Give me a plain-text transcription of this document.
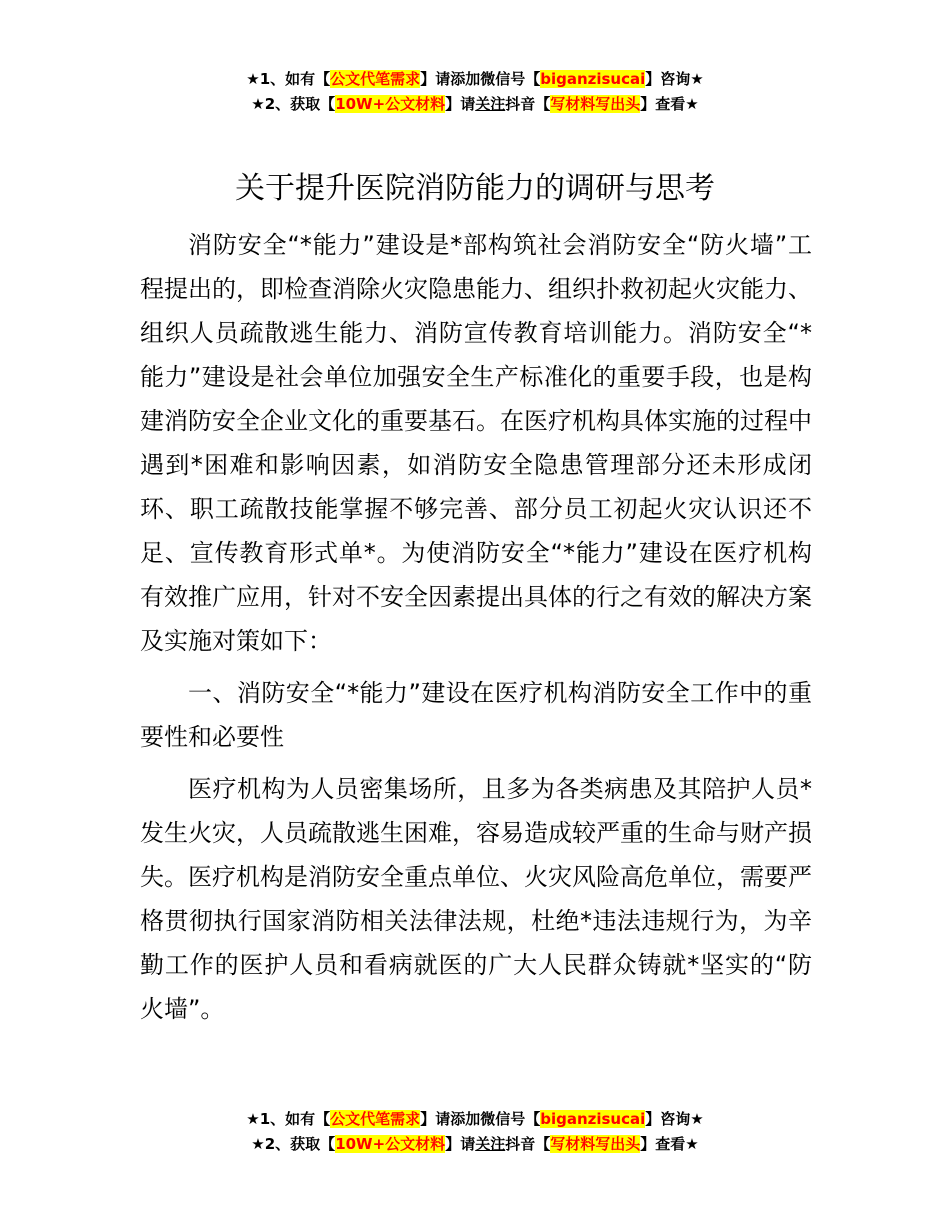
★1、如有【公文代笔需求】请添加微信号【biganzisucai】咨询★
★2、获取【10W+公文材料】请关注抖音【写材料写出头】查看★
关于提升医院消防能力的调研与思考

消防安全“*能力”建设是*部构筑社会消防安全“防火墙”工程提出的，即检查消除火灾隐患能力、组织扑救初起火灾能力、组织人员疏散逃生能力、消防宣传教育培训能力。消防安全“*能力”建设是社会单位加强安全生产标准化的重要手段，也是构建消防安全企业文化的重要基石。在医疗机构具体实施的过程中遇到*困难和影响因素，如消防安全隐患管理部分还未形成闭环、职工疏散技能掌握不够完善、部分员工初起火灾认识还不足、宣传教育形式单*。为使消防安全“*能力”建设在医疗机构有效推广应用，针对不安全因素提出具体的行之有效的解决方案及实施对策如下：

一、消防安全“*能力”建设在医疗机构消防安全工作中的重要性和必要性

医疗机构为人员密集场所，且多为各类病患及其陪护人员*发生火灾，人员疏散逃生困难，容易造成较严重的生命与财产损失。医疗机构是消防安全重点单位、火灾风险高危单位，需要严格贯彻执行国家消防相关法律法规，杜绝*违法违规行为，为辛勤工作的医护人员和看病就医的广大人民群众铸就*坚实的“防火墙”。

★1、如有【公文代笔需求】请添加微信号【biganzisucai】咨询★
★2、获取【10W+公文材料】请关注抖音【写材料写出头】查看★
